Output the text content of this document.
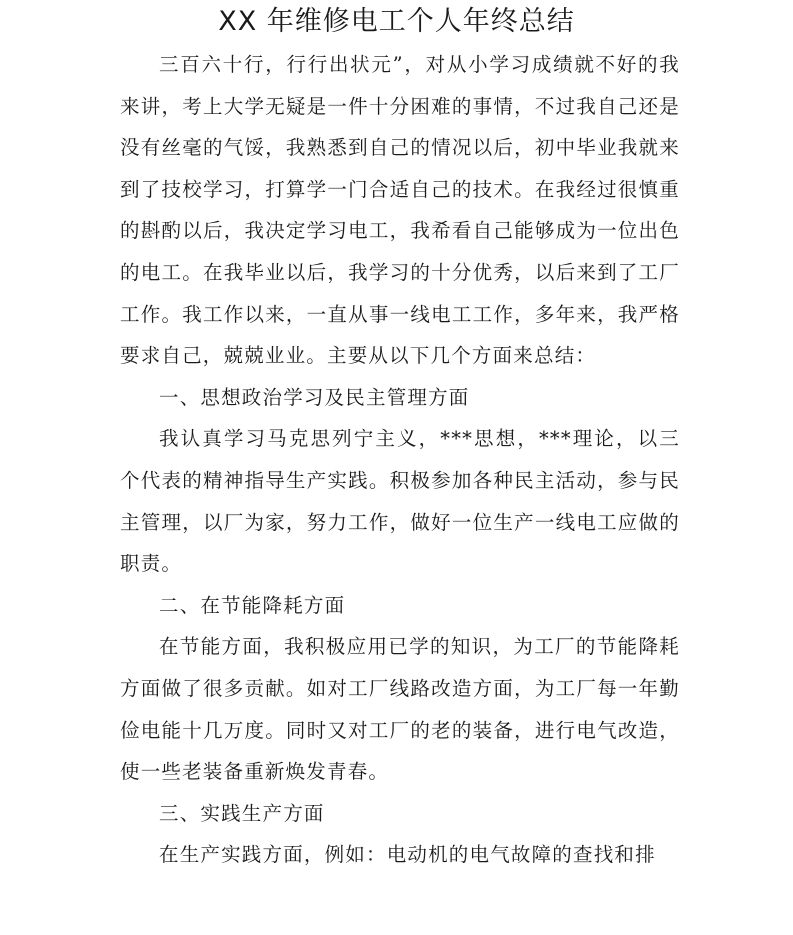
XX 年维修电工个人年终总结

三百六十行，行行出状元”，对从小学习成绩就不好的我来讲，考上大学无疑是一件十分困难的事情，不过我自己还是没有丝毫的气馁，我熟悉到自己的情况以后，初中毕业我就来到了技校学习，打算学一门合适自己的技术。在我经过很慎重的斟酌以后，我决定学习电工，我希看自己能够成为一位出色的电工。在我毕业以后，我学习的十分优秀，以后来到了工厂工作。我工作以来，一直从事一线电工工作，多年来，我严格要求自己，兢兢业业。主要从以下几个方面来总结：

一、思想政治学习及民主管理方面

我认真学习马克思列宁主义，***思想，***理论，以三个代表的精神指导生产实践。积极参加各种民主活动，参与民主管理，以厂为家，努力工作，做好一位生产一线电工应做的职责。

二、在节能降耗方面

在节能方面，我积极应用已学的知识，为工厂的节能降耗方面做了很多贡献。如对工厂线路改造方面，为工厂每一年勤俭电能十几万度。同时又对工厂的老的装备，进行电气改造，使一些老装备重新焕发青春。

三、实践生产方面

在生产实践方面，例如：电动机的电气故障的查找和排
